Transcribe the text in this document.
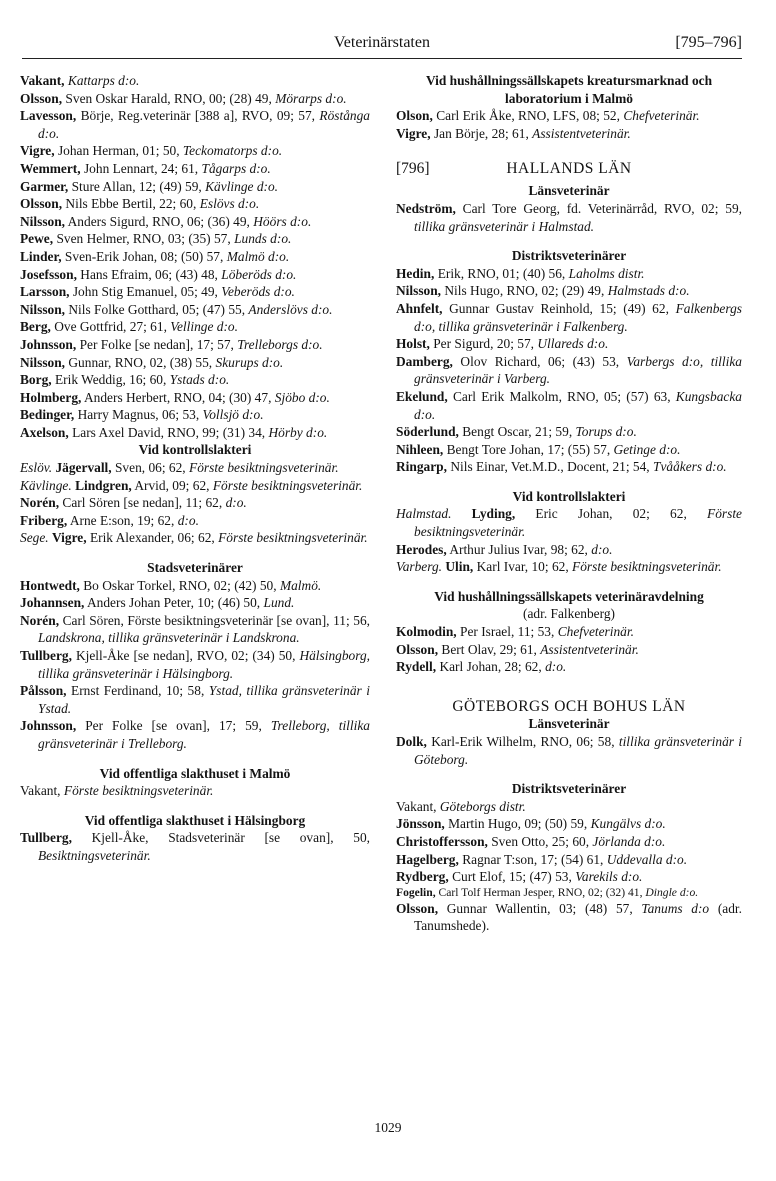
Veterinärstaten	[795–796]

Vakant, Kattarps d:o.

Olsson, Sven Oskar Harald, RNO, 00; (28) 49, Mörarps d:o.

Lavesson, Börje, Reg.veterinär [388 a], RVO, 09; 57, Röstånga d:o.

Vigre, Johan Herman, 01; 50, Teckomatorps d:o.

Wemmert, John Lennart, 24; 61, Tågarps d:o.

Garmer, Sture Allan, 12; (49) 59, Kävlinge d:o.

Olsson, Nils Ebbe Bertil, 22; 60, Eslövs d:o.

Nilsson, Anders Sigurd, RNO, 06; (36) 49, Höörs d:o.

Pewe, Sven Helmer, RNO, 03; (35) 57, Lunds d:o.

Linder, Sven-Erik Johan, 08; (50) 57, Malmö d:o.

Josefsson, Hans Efraim, 06; (43) 48, Löberöds d:o.

Larsson, John Stig Emanuel, 05; 49, Veberöds d:o.

Nilsson, Nils Folke Gotthard, 05; (47) 55, Anderslövs d:o.

Berg, Ove Gottfrid, 27; 61, Vellinge d:o.

Johnsson, Per Folke [se nedan], 17; 57, Trelleborgs d:o.

Nilsson, Gunnar, RNO, 02, (38) 55, Skurups d:o.

Borg, Erik Weddig, 16; 60, Ystads d:o.

Holmberg, Anders Herbert, RNO, 04; (30) 47, Sjöbo d:o.

Bedinger, Harry Magnus, 06; 53, Vollsjö d:o.

Axelson, Lars Axel David, RNO, 99; (31) 34, Hörby d:o.

Vid kontrollslakteri

Eslöv. Jägervall, Sven, 06; 62, Förste besiktningsveterinär.

Kävlinge. Lindgren, Arvid, 09; 62, Förste besiktningsveterinär.

Norén, Carl Sören [se nedan], 11; 62, d:o.

Friberg, Arne E:son, 19; 62, d:o.

Sege. Vigre, Erik Alexander, 06; 62, Förste besiktningsveterinär.

Stadsveterinärer

Hontwedt, Bo Oskar Torkel, RNO, 02; (42) 50, Malmö.

Johannsen, Anders Johan Peter, 10; (46) 50, Lund.

Norén, Carl Sören, Förste besiktningsveterinär [se ovan], 11; 56, Landskrona, tillika gränsveterinär i Landskrona.

Tullberg, Kjell-Åke [se nedan], RVO, 02; (34) 50, Hälsingborg, tillika gränsveterinär i Hälsingborg.

Pålsson, Ernst Ferdinand, 10; 58, Ystad, tillika gränsveterinär i Ystad.

Johnsson, Per Folke [se ovan], 17; 59, Trelleborg, tillika gränsveterinär i Trelleborg.

Vid offentliga slakthuset i Malmö

Vakant, Förste besiktningsveterinär.

Vid offentliga slakthuset i Hälsingborg

Tullberg, Kjell-Åke, Stadsveterinär [se ovan], 50, Besiktningsveterinär.

Vid hushållningssällskapets kreatursmarknad och laboratorium i Malmö

Olson, Carl Erik Åke, RNO, LFS, 08; 52, Chefveterinär.

Vigre, Jan Börje, 28; 61, Assistentveterinär.

[796]	HALLANDS LÄN

Länsveterinär

Nedström, Carl Tore Georg, fd. Veterinärråd, RVO, 02; 59, tillika gränsveterinär i Halmstad.

Distriktsveterinärer

Hedin, Erik, RNO, 01; (40) 56, Laholms distr.

Nilsson, Nils Hugo, RNO, 02; (29) 49, Halmstads d:o.

Ahnfelt, Gunnar Gustav Reinhold, 15; (49) 62, Falkenbergs d:o, tillika gränsveterinär i Falkenberg.

Holst, Per Sigurd, 20; 57, Ullareds d:o.

Damberg, Olov Richard, 06; (43) 53, Varbergs d:o, tillika gränsveterinär i Varberg.

Ekelund, Carl Erik Malkolm, RNO, 05; (57) 63, Kungsbacka d:o.

Söderlund, Bengt Oscar, 21; 59, Torups d:o.

Nihleen, Bengt Tore Johan, 17; (55) 57, Getinge d:o.

Ringarp, Nils Einar, Vet.M.D., Docent, 21; 54, Tvååkers d:o.

Vid kontrollslakteri

Halmstad. Lyding, Eric Johan, 02; 62, Förste besiktningsveterinär.

Herodes, Arthur Julius Ivar, 98; 62, d:o.

Varberg. Ulin, Karl Ivar, 10; 62, Förste besiktningsveterinär.

Vid hushållningssällskapets veterinäravdelning

(adr. Falkenberg)

Kolmodin, Per Israel, 11; 53, Chefveterinär.

Olsson, Bert Olav, 29; 61, Assistentveterinär.

Rydell, Karl Johan, 28; 62, d:o.

GÖTEBORGS OCH BOHUS LÄN

Länsveterinär

Dolk, Karl-Erik Wilhelm, RNO, 06; 58, tillika gränsveterinär i Göteborg.

Distriktsveterinärer

Vakant, Göteborgs distr.

Jönsson, Martin Hugo, 09; (50) 59, Kungälvs d:o.

Christoffersson, Sven Otto, 25; 60, Jörlanda d:o.

Hagelberg, Ragnar T:son, 17; (54) 61, Uddevalla d:o.

Rydberg, Curt Elof, 15; (47) 53, Varekils d:o.

Fogelin, Carl Tolf Herman Jesper, RNO, 02; (32) 41, Dingle d:o.

Olsson, Gunnar Wallentin, 03; (48) 57, Tanums d:o (adr. Tanumshede).

1029
